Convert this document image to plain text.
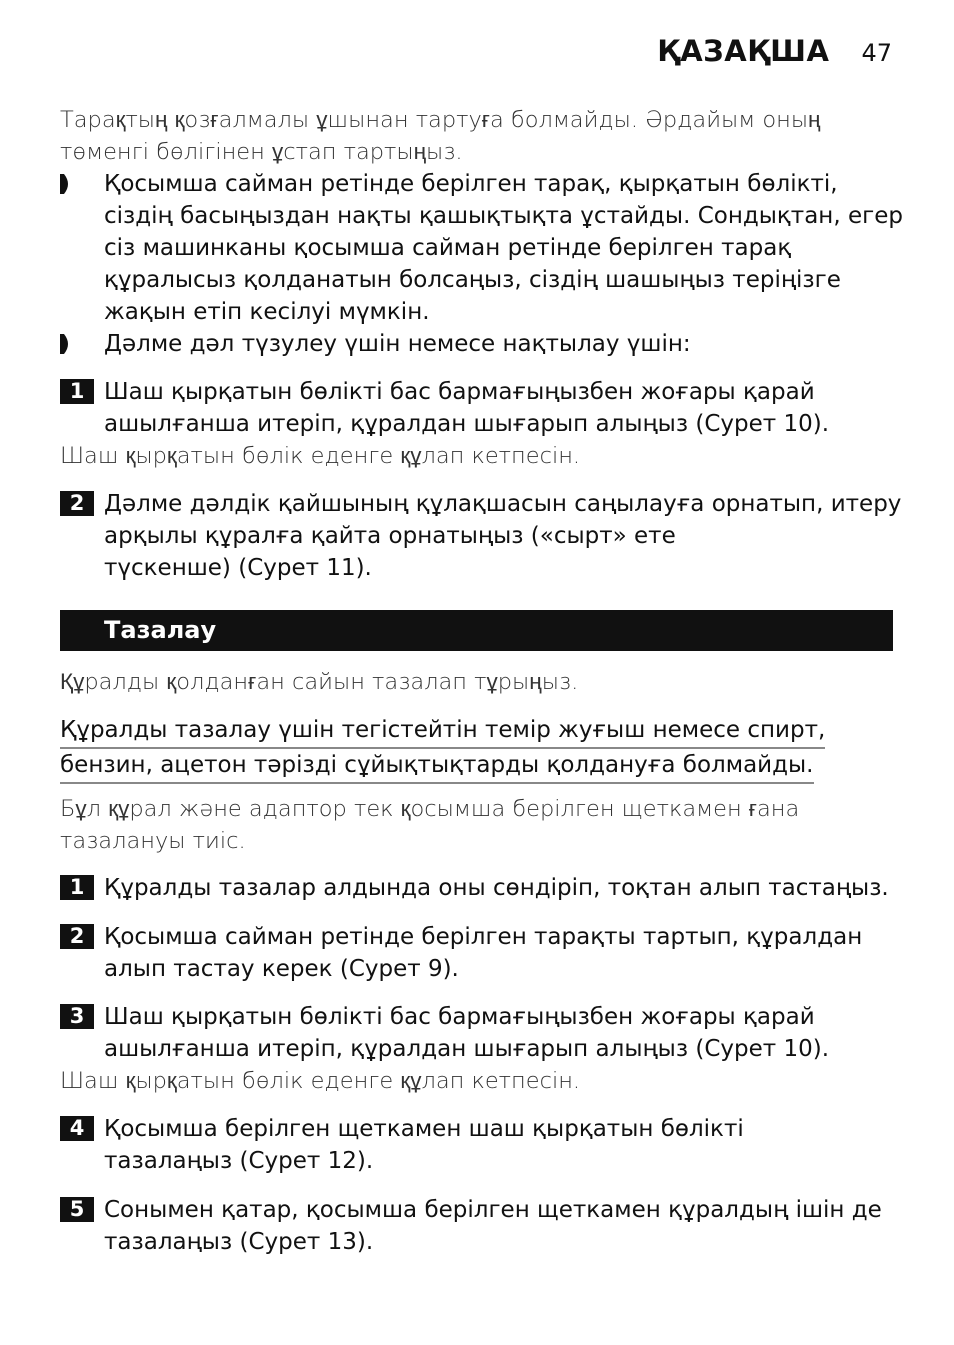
ҚАЗАҚША 47
Тарақтың қозғалмалы ұшынан тартуға болмайды. Әрдайым оның
төменгі бөлігінен ұстап тартыңыз.
Қосымша сайман ретінде берілген тарақ, қырқатын бөлікті,
сіздің басыңыздан нақты қашықтықта ұстайды. Сондықтан, егер
сіз машинканы қосымша сайман ретінде берілген тарақ
құралысыз қолданатын болсаңыз, сіздің шашыңыз теріңізге
жақын етіп кесілуі мүмкін.
Дәлме дәл түзулеу үшін немесе нақтылау үшін:
1 Шаш қырқатын бөлікті бас бармағыңызбен жоғары қарай
ашылғанша итеріп, құралдан шығарып алыңыз (Сурет 10).
Шаш қырқатын бөлік еденге құлап кетпесін.
2 Дәлме дәлдік қайшының құлақшасын саңылауға орнатып, итеру
арқылы құралға қайта орнатыңыз («сырт» ете
түскенше) (Сурет 11).
Тазалау
Құралды қолданған сайын тазалап тұрыңыз.
Құралды тазалау үшін тегістейтін темір жуғыш немесе спирт,
бензин, ацетон тәрізді сұйықтықтарды қолдануға болмайды.
Бұл құрал және адаптор тек қосымша берілген щеткамен ғана
тазалануы тиіс.
1 Құралды тазалар алдында оны сөндіріп, тоқтан алып тастаңыз.
2 Қосымша сайман ретінде берілген тарақты тартып, құралдан
алып тастау керек (Сурет 9).
3 Шаш қырқатын бөлікті бас бармағыңызбен жоғары қарай
ашылғанша итеріп, құралдан шығарып алыңыз (Сурет 10).
Шаш қырқатын бөлік еденге құлап кетпесін.
4 Қосымша берілген щеткамен шаш қырқатын бөлікті
тазалаңыз (Сурет 12).
5 Сонымен қатар, қосымша берілген щеткамен құралдың ішін де
тазалаңыз (Сурет 13).
